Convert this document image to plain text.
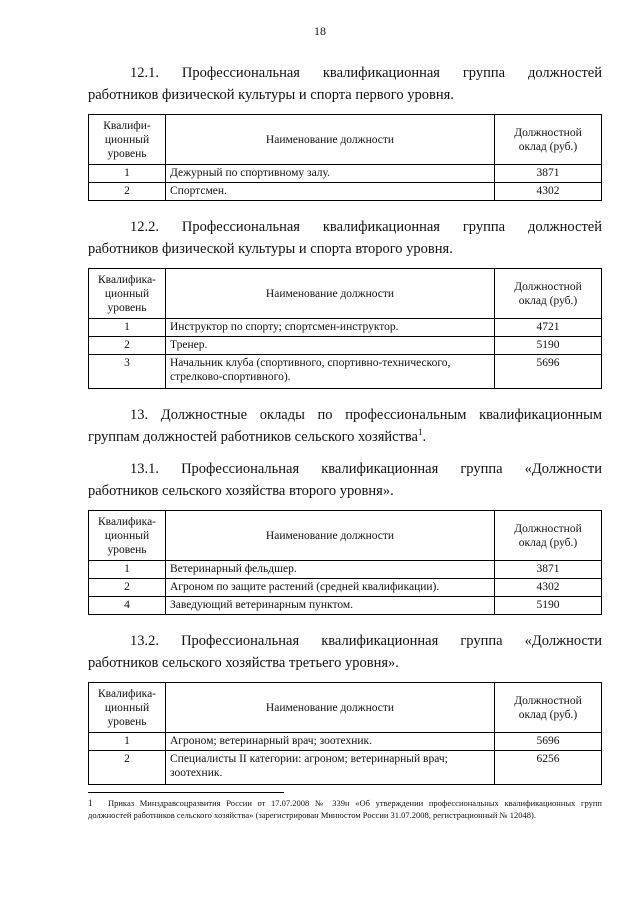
18
12.1. Профессиональная квалификационная группа должностей
работников физической культуры и спорта первого уровня.
Квалифи-ционный уровень	Наименование должности	Должностной оклад (руб.)
1	Дежурный по спортивному залу.	3871
2	Спортсмен.	4302
12.2. Профессиональная квалификационная группа должностей
работников физической культуры и спорта второго уровня.
Квалифика-ционный уровень	Наименование должности	Должностной оклад (руб.)
1	Инструктор по спорту; спортсмен-инструктор.	4721
2	Тренер.	5190
3	Начальник клуба (спортивного, спортивно-технического, стрелково-спортивного).	5696
13. Должностные оклады по профессиональным квалификационным
группам должностей работников сельского хозяйства$^1$.
13.1. Профессиональная квалификационная группа «Должности
работников сельского хозяйства второго уровня».
Квалифика-ционный уровень	Наименование должности	Должностной оклад (руб.)
1	Ветеринарный фельдшер.	3871
2	Агроном по защите растений (средней квалификации).	4302
4	Заведующий ветеринарным пунктом.	5190
13.2. Профессиональная квалификационная группа «Должности
работников сельского хозяйства третьего уровня».
Квалифика-ционный уровень	Наименование должности	Должностной оклад (руб.)
1	Агроном; ветеринарный врач; зоотехник.	5696
2	Специалисты II категории: агроном; ветеринарный врач; зоотехник.	6256
1 Приказ Минздравсоцразвития России от 17.07.2008 № 339н «Об утверждении профессиональных квалификационных групп
должностей работников сельского хозяйства» (зарегистрирован Минюстом России 31.07.2008, регистрационный № 12048).
